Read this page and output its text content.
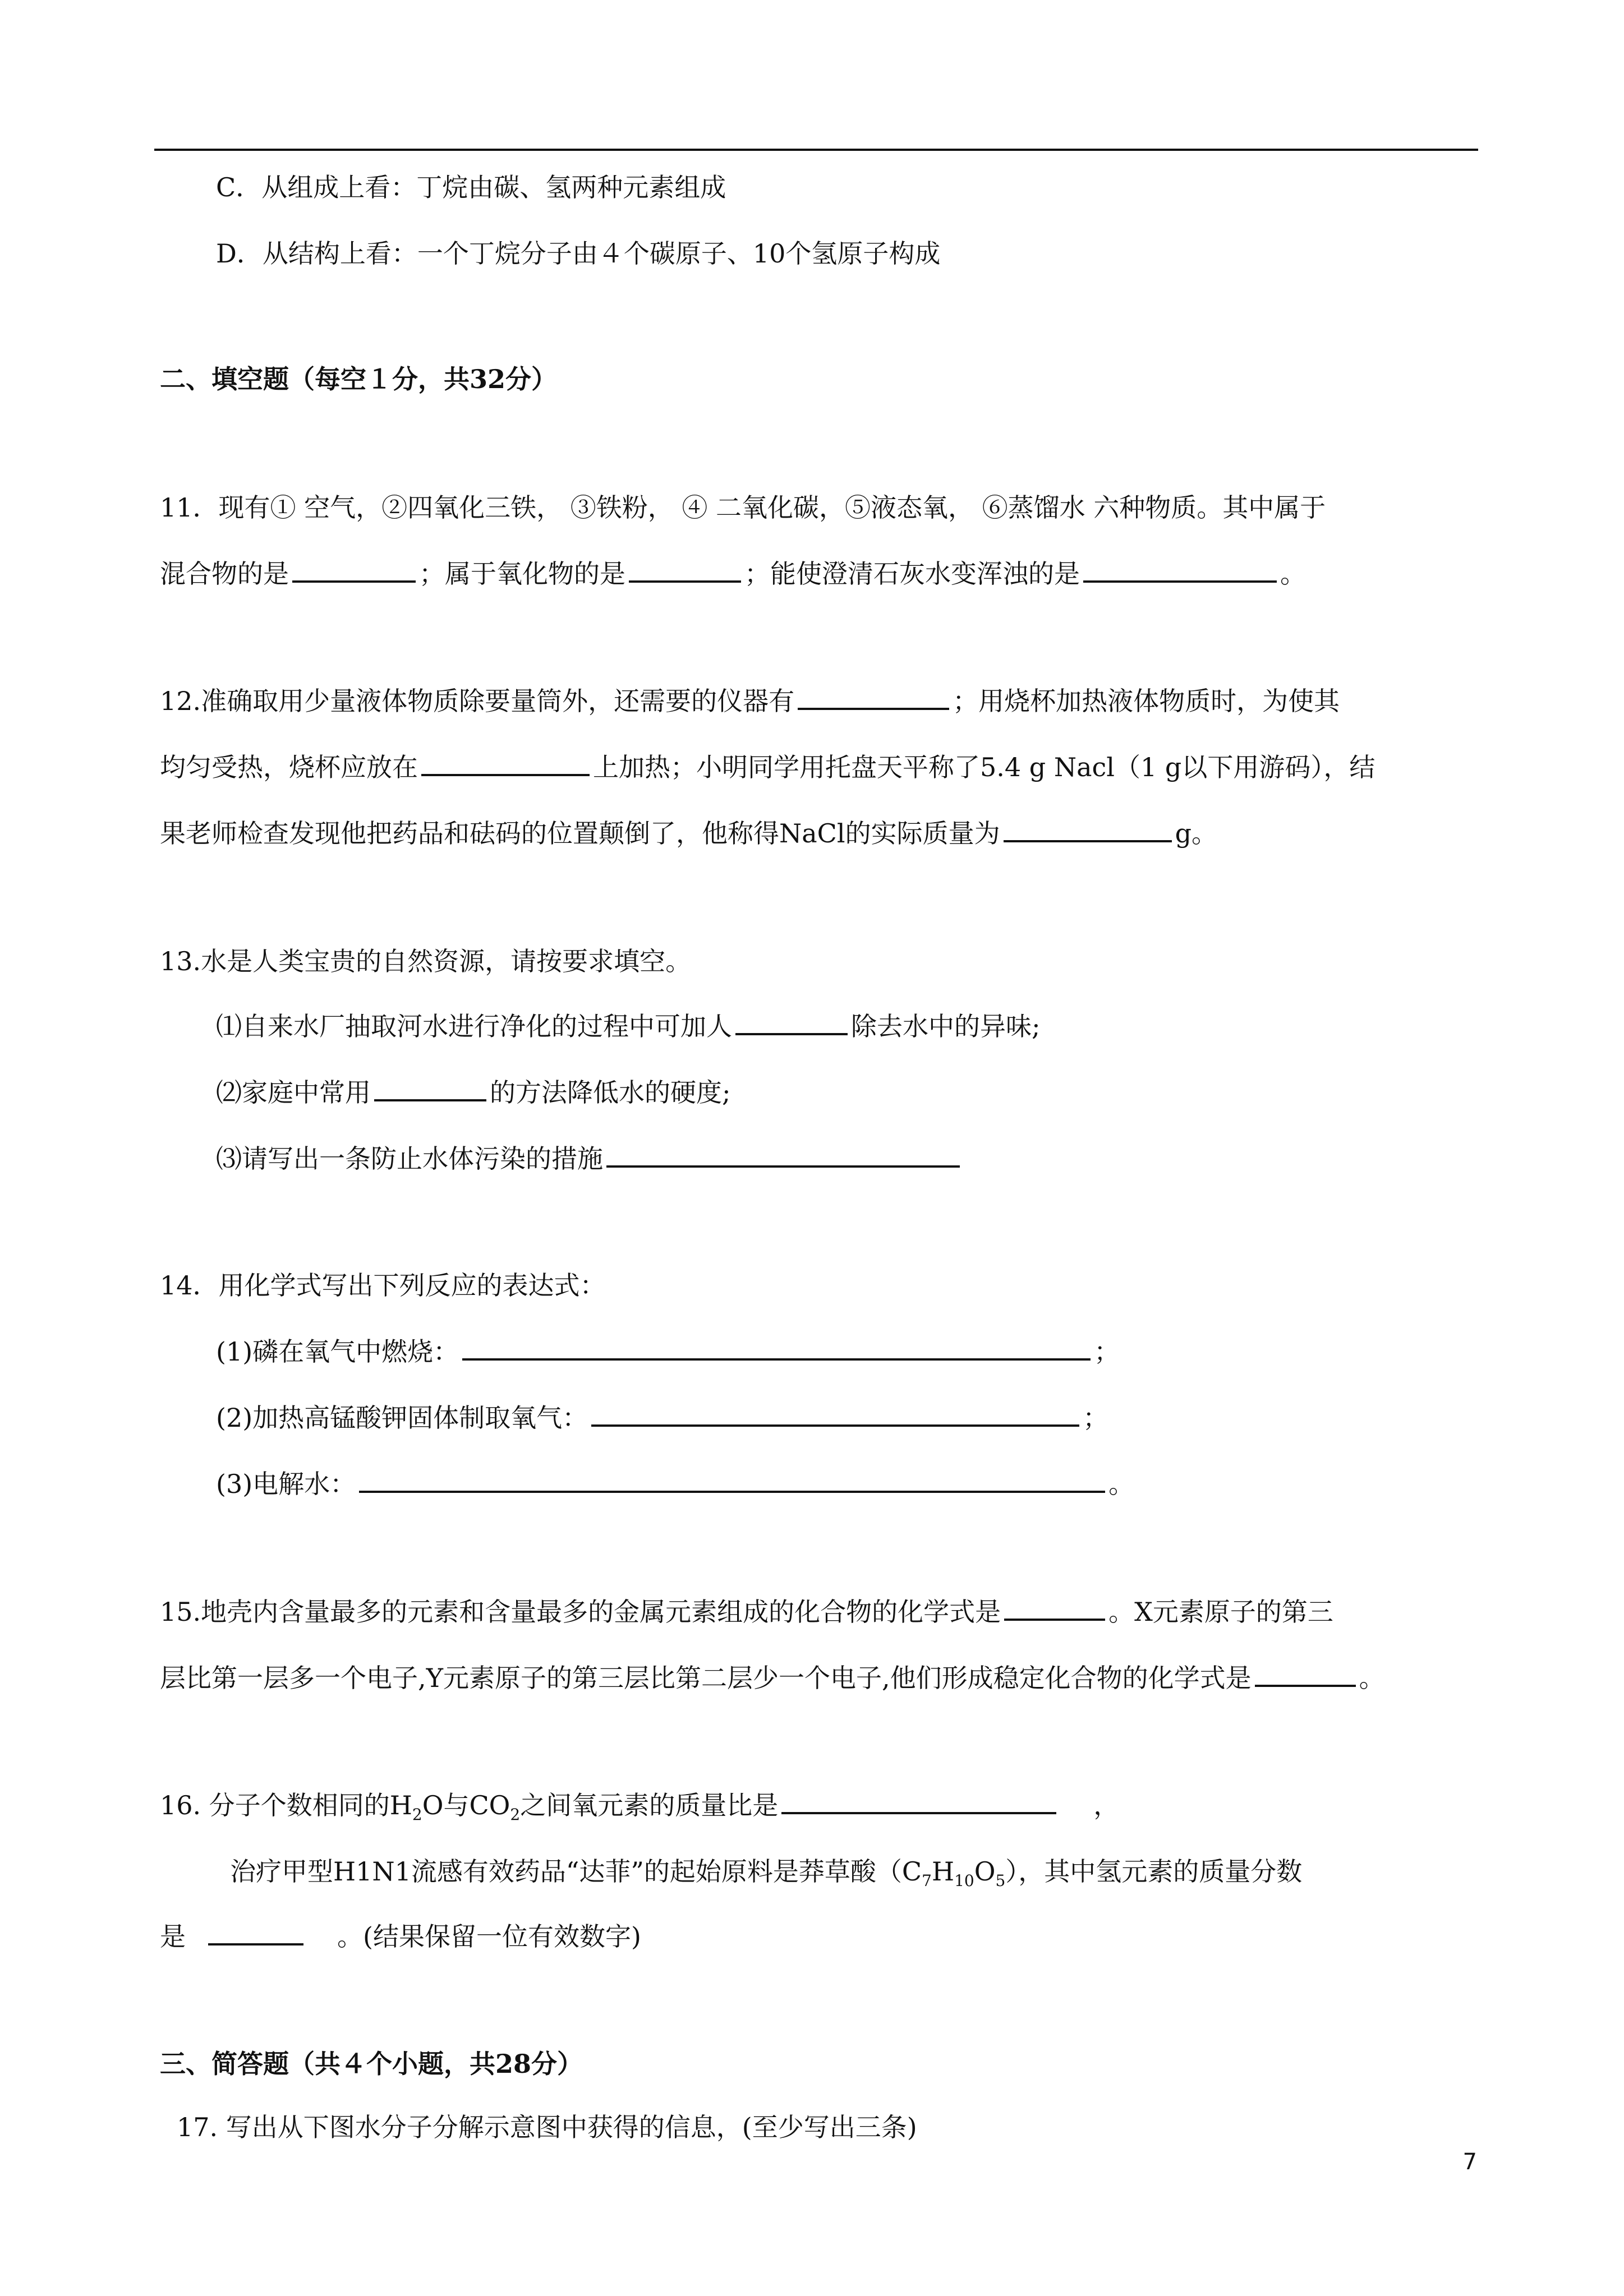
C．从组成上看：丁烷由碳、氢两种元素组成
D．从结构上看：一个丁烷分子由４个碳原子、10个氢原子构成
二、填空题（每空１分，共32分）
11．现有① 空气，②四氧化三铁， ③铁粉， ④ 二氧化碳，⑤液态氧， ⑥蒸馏水 六种物质。其中属于
混合物的是	；属于氧化物的是	；能使澄清石灰水变浑浊的是	。
12.准确取用少量液体物质除要量筒外，还需要的仪器有	；用烧杯加热液体物质时，为使其
均匀受热，烧杯应放在	上加热；小明同学用托盘天平称了5.4 g Nacl（1 g以下用游码），结
果老师检查发现他把药品和砝码的位置颠倒了，他称得NaCl的实际质量为	g。
13.水是人类宝贵的自然资源，请按要求填空。
⑴自来水厂抽取河水进行净化的过程中可加人	除去水中的异味;
⑵家庭中常用	的方法降低水的硬度;
⑶请写出一条防止水体污染的措施
14．用化学式写出下列反应的表达式：
(1)磷在氧气中燃烧：	；
(2)加热高锰酸钾固体制取氧气：	；
(3)电解水：	。
15.地壳内含量最多的元素和含量最多的金属元素组成的化合物的化学式是	。X元素原子的第三
层比第一层多一个电子,Y元素原子的第三层比第二层少一个电子,他们形成稳定化合物的化学式是	。
16. 分子个数相同的$H_2O$与$CO_2$之间氧元素的质量比是	，
治疗甲型H1N1流感有效药品“达菲”的起始原料是莽草酸$(C_7H_{10}O_5)$，其中氢元素的质量分数
是	。(结果保留一位有效数字)
三、简答题（共４个小题，共28分）
17. 写出从下图水分子分解示意图中获得的信息，(至少写出三条)
7
